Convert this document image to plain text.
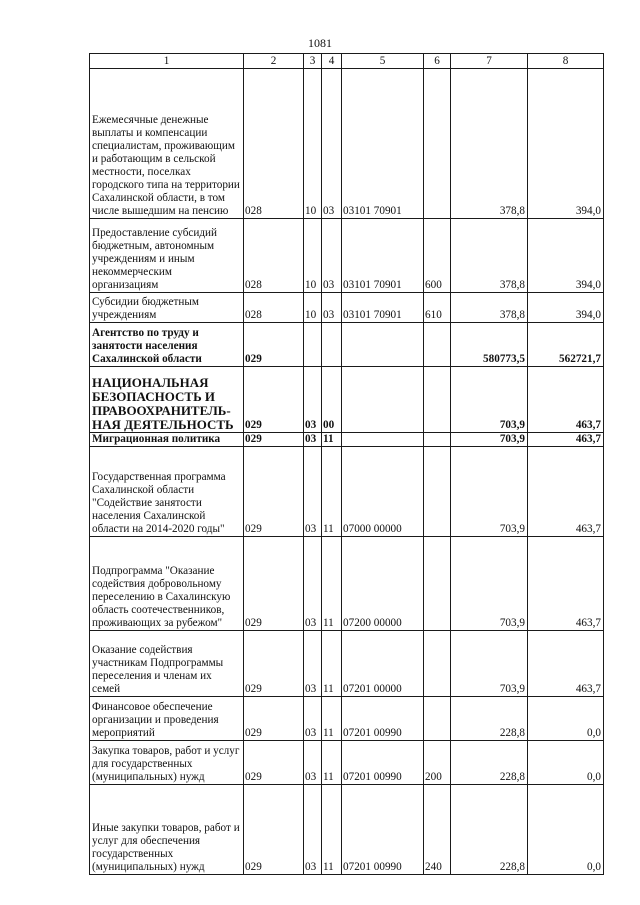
1081
1	2	3	4	5	6	7	8
Ежемесячные денежные выплаты и компенсации специалистам, проживающим и работающим в сельской местности, поселках городского типа на территории Сахалинской области, в том числе вышедшим на пенсию	028	10	03	03101 70901		378,8	394,0
Предоставление субсидий бюджетным, автономным учреждениям и иным некоммерческим организациям	028	10	03	03101 70901	600	378,8	394,0
Субсидии бюджетным учреждениям	028	10	03	03101 70901	610	378,8	394,0
Агентство по труду и занятости населения Сахалинской области	029					580773,5	562721,7
НАЦИОНАЛЬНАЯ БЕЗОПАСНОСТЬ И ПРАВООХРАНИТЕЛЬ-НАЯ ДЕЯТЕЛЬНОСТЬ	029	03	00			703,9	463,7
Миграционная политика	029	03	11			703,9	463,7
Государственная программа Сахалинской области "Содействие занятости населения Сахалинской области на 2014-2020 годы"	029	03	11	07000 00000		703,9	463,7
Подпрограмма "Оказание содействия добровольному переселению в Сахалинскую область соотечественников, проживающих за рубежом"	029	03	11	07200 00000		703,9	463,7
Оказание содействия участникам Подпрограммы переселения и членам их семей	029	03	11	07201 00000		703,9	463,7
Финансовое обеспечение организации и проведения мероприятий	029	03	11	07201 00990		228,8	0,0
Закупка товаров, работ и услуг для государственных (муниципальных) нужд	029	03	11	07201 00990	200	228,8	0,0
Иные закупки товаров, работ и услуг для обеспечения государственных (муниципальных) нужд	029	03	11	07201 00990	240	228,8	0,0
